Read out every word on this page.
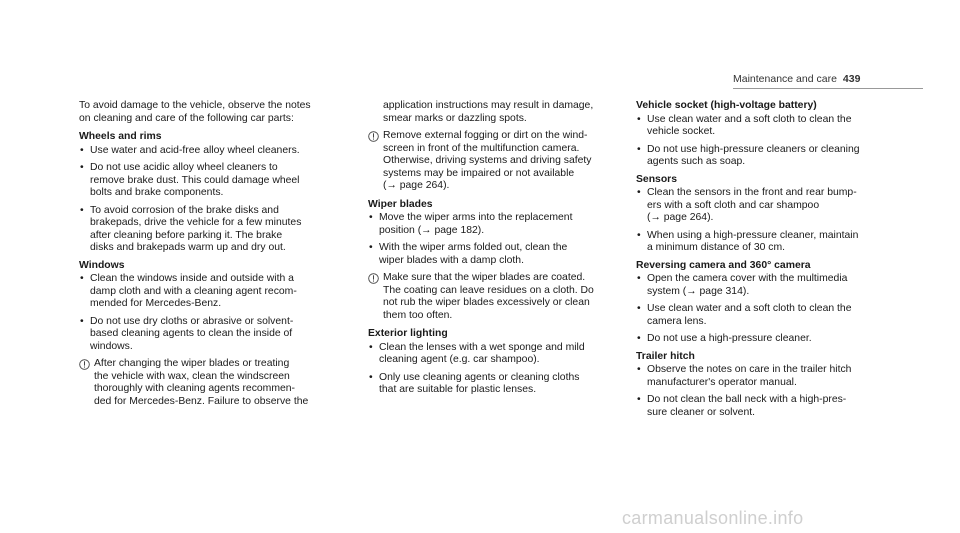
Maintenance and care 439
To avoid damage to the vehicle, observe the notes
on cleaning and care of the following car parts:
Wheels and rims
• Use water and acid-free alloy wheel cleaners.
• Do not use acidic alloy wheel cleaners to
remove brake dust. This could damage wheel
bolts and brake components.
• To avoid corrosion of the brake disks and
brakepads, drive the vehicle for a few minutes
after cleaning before parking it. The brake
disks and brakepads warm up and dry out.
Windows
• Clean the windows inside and outside with a
damp cloth and with a cleaning agent recom-
mended for Mercedes-Benz.
• Do not use dry cloths or abrasive or solvent-
based cleaning agents to clean the inside of
windows.
After changing the wiper blades or treating
the vehicle with wax, clean the windscreen
thoroughly with cleaning agents recommen-
ded for Mercedes-Benz. Failure to observe the
application instructions may result in damage,
smear marks or dazzling spots.
Remove external fogging or dirt on the wind-
screen in front of the multifunction camera.
Otherwise, driving systems and driving safety
systems may be impaired or not available
(→ page 264).
Wiper blades
• Move the wiper arms into the replacement
position (→ page 182).
• With the wiper arms folded out, clean the
wiper blades with a damp cloth.
Make sure that the wiper blades are coated.
The coating can leave residues on a cloth. Do
not rub the wiper blades excessively or clean
them too often.
Exterior lighting
• Clean the lenses with a wet sponge and mild
cleaning agent (e.g. car shampoo).
• Only use cleaning agents or cleaning cloths
that are suitable for plastic lenses.
Vehicle socket (high-voltage battery)
• Use clean water and a soft cloth to clean the
vehicle socket.
• Do not use high-pressure cleaners or cleaning
agents such as soap.
Sensors
• Clean the sensors in the front and rear bump-
ers with a soft cloth and car shampoo
(→ page 264).
• When using a high-pressure cleaner, maintain
a minimum distance of 30 cm.
Reversing camera and 360° camera
• Open the camera cover with the multimedia
system (→ page 314).
• Use clean water and a soft cloth to clean the
camera lens.
• Do not use a high-pressure cleaner.
Trailer hitch
• Observe the notes on care in the trailer hitch
manufacturer's operator manual.
• Do not clean the ball neck with a high-pres-
sure cleaner or solvent.
carmanualsonline.info
